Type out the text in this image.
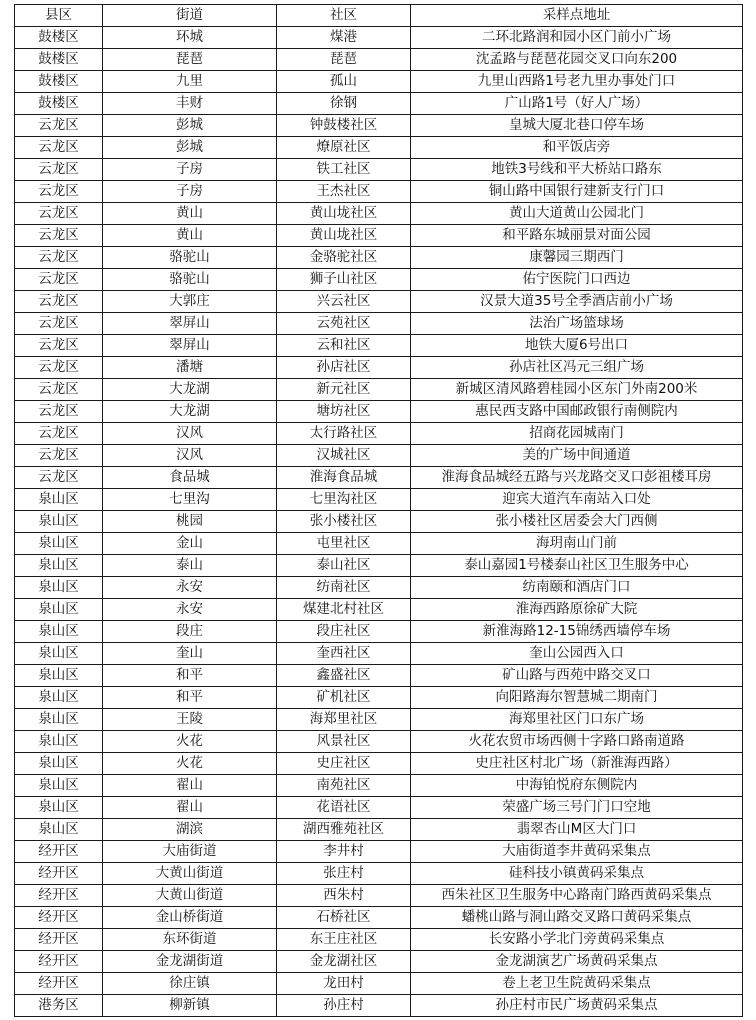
县区	街道	社区	采样点地址
鼓楼区	环城	煤港	二环北路润和园小区门前小广场
鼓楼区	琵琶	琵琶	沈孟路与琵琶花园交叉口向东200
鼓楼区	九里	孤山	九里山西路1号老九里办事处门口
鼓楼区	丰财	徐钢	广山路1号（好人广场）
云龙区	彭城	钟鼓楼社区	皇城大厦北巷口停车场
云龙区	彭城	燎原社区	和平饭店旁
云龙区	子房	铁工社区	地铁3号线和平大桥站口路东
云龙区	子房	王杰社区	铜山路中国银行建新支行门口
云龙区	黄山	黄山垅社区	黄山大道黄山公园北门
云龙区	黄山	黄山垅社区	和平路东城丽景对面公园
云龙区	骆驼山	金骆驼社区	康馨园三期西门
云龙区	骆驼山	狮子山社区	佑宁医院门口西边
云龙区	大郭庄	兴云社区	汉景大道35号全季酒店前小广场
云龙区	翠屏山	云苑社区	法治广场篮球场
云龙区	翠屏山	云和社区	地铁大厦6号出口
云龙区	潘塘	孙店社区	孙店社区冯元三组广场
云龙区	大龙湖	新元社区	新城区清风路碧桂园小区东门外南200米
云龙区	大龙湖	塘坊社区	惠民西支路中国邮政银行南侧院内
云龙区	汉风	太行路社区	招商花园城南门
云龙区	汉风	汉城社区	美的广场中间通道
云龙区	食品城	淮海食品城	淮海食品城经五路与兴龙路交叉口彭祖楼耳房
泉山区	七里沟	七里沟社区	迎宾大道汽车南站入口处
泉山区	桃园	张小楼社区	张小楼社区居委会大门西侧
泉山区	金山	屯里社区	海玥南山门前
泉山区	泰山	泰山社区	泰山嘉园1号楼泰山社区卫生服务中心
泉山区	永安	纺南社区	纺南颐和酒店门口
泉山区	永安	煤建北村社区	淮海西路原徐矿大院
泉山区	段庄	段庄社区	新淮海路12-15锦绣西墙停车场
泉山区	奎山	奎西社区	奎山公园西入口
泉山区	和平	鑫盛社区	矿山路与西苑中路交叉口
泉山区	和平	矿机社区	向阳路海尔智慧城二期南门
泉山区	王陵	海郑里社区	海郑里社区门口东广场
泉山区	火花	风景社区	火花农贸市场西侧十字路口路南道路
泉山区	火花	史庄社区	史庄社区村北广场（新淮海西路）
泉山区	翟山	南苑社区	中海铂悦府东侧院内
泉山区	翟山	花语社区	荣盛广场三号门门口空地
泉山区	湖滨	湖西雅苑社区	翡翠杏山M区大门口
经开区	大庙街道	李井村	大庙街道李井黄码采集点
经开区	大黄山街道	张庄村	硅科技小镇黄码采集点
经开区	大黄山街道	西朱村	西朱社区卫生服务中心路南门路西黄码采集点
经开区	金山桥街道	石桥社区	蟠桃山路与洞山路交叉路口黄码采集点
经开区	东环街道	东王庄社区	长安路小学北门旁黄码采集点
经开区	金龙湖街道	金龙湖社区	金龙湖演艺广场黄码采集点
经开区	徐庄镇	龙田村	卷上老卫生院黄码采集点
港务区	柳新镇	孙庄村	孙庄村市民广场黄码采集点
